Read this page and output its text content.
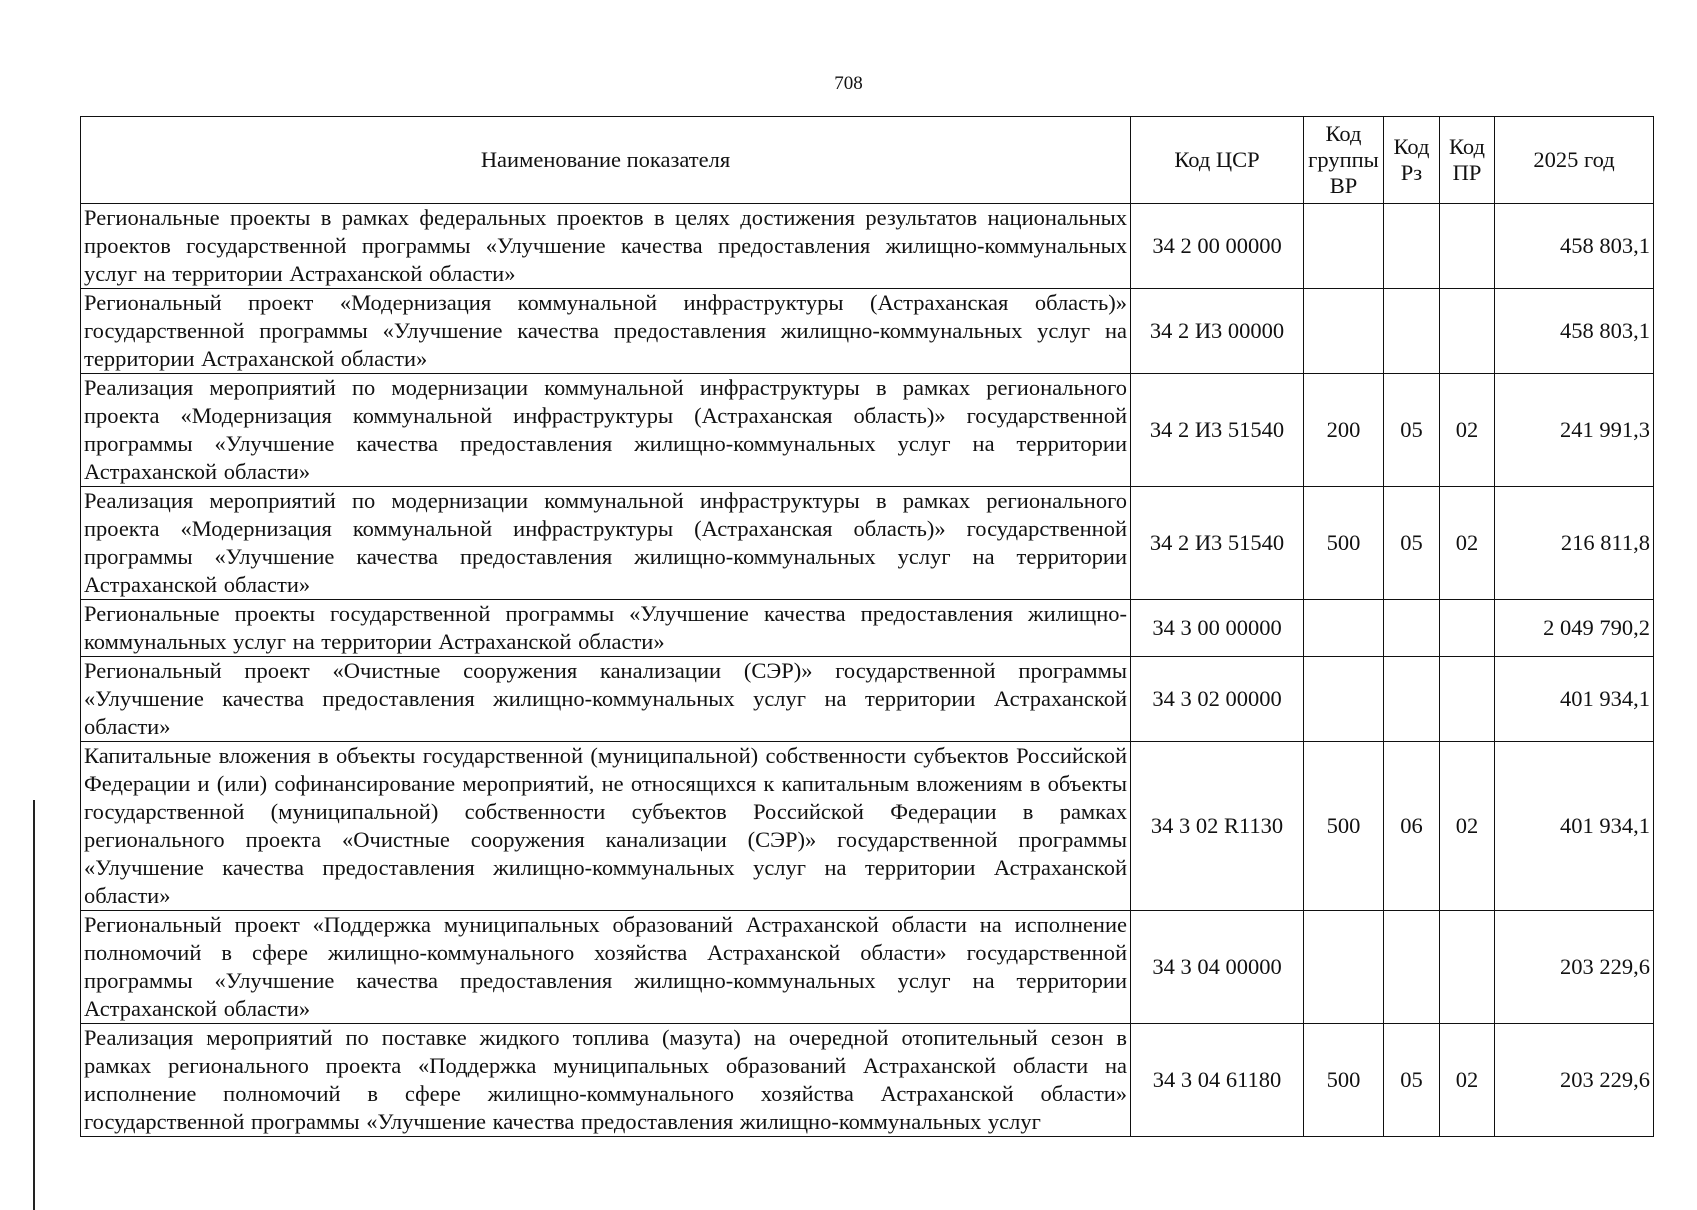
708
Наименование показателя	Код ЦСР	Код группы ВР	Код Рз	Код ПР	2025 год
Региональные проекты в рамках федеральных проектов в целях достижения результатов национальных проектов государственной программы «Улучшение качества предоставления жилищно-коммунальных услуг на территории Астраханской области»	34 2 00 00000				458 803,1
Региональный проект «Модернизация коммунальной инфраструктуры (Астраханская область)» государственной программы «Улучшение качества предоставления жилищно-коммунальных услуг на территории Астраханской области»	34 2 И3 00000				458 803,1
Реализация мероприятий по модернизации коммунальной инфраструктуры в рамках регионального проекта «Модернизация коммунальной инфраструктуры (Астраханская область)» государственной программы «Улучшение качества предоставления жилищно-коммунальных услуг на территории Астраханской области»	34 2 И3 51540	200	05	02	241 991,3
Реализация мероприятий по модернизации коммунальной инфраструктуры в рамках регионального проекта «Модернизация коммунальной инфраструктуры (Астраханская область)» государственной программы «Улучшение качества предоставления жилищно-коммунальных услуг на территории Астраханской области»	34 2 И3 51540	500	05	02	216 811,8
Региональные проекты государственной программы «Улучшение качества предоставления жилищно-коммунальных услуг на территории Астраханской области»	34 3 00 00000				2 049 790,2
Региональный проект «Очистные сооружения канализации (СЭР)» государственной программы «Улучшение качества предоставления жилищно-коммунальных услуг на территории Астраханской области»	34 3 02 00000				401 934,1
Капитальные вложения в объекты государственной (муниципальной) собственности субъектов Российской Федерации и (или) софинансирование мероприятий, не относящихся к капитальным вложениям в объекты государственной (муниципальной) собственности субъектов Российской Федерации в рамках регионального проекта «Очистные сооружения канализации (СЭР)» государственной программы «Улучшение качества предоставления жилищно-коммунальных услуг на территории Астраханской области»	34 3 02 R1130	500	06	02	401 934,1
Региональный проект «Поддержка муниципальных образований Астраханской области на исполнение полномочий в сфере жилищно-коммунального хозяйства Астраханской области» государственной программы «Улучшение качества предоставления жилищно-коммунальных услуг на территории Астраханской области»	34 3 04 00000				203 229,6
Реализация мероприятий по поставке жидкого топлива (мазута) на очередной отопительный сезон в рамках регионального проекта «Поддержка муниципальных образований Астраханской области на исполнение полномочий в сфере жилищно-коммунального хозяйства Астраханской области» государственной программы «Улучшение качества предоставления жилищно-коммунальных услуг	34 3 04 61180	500	05	02	203 229,6
